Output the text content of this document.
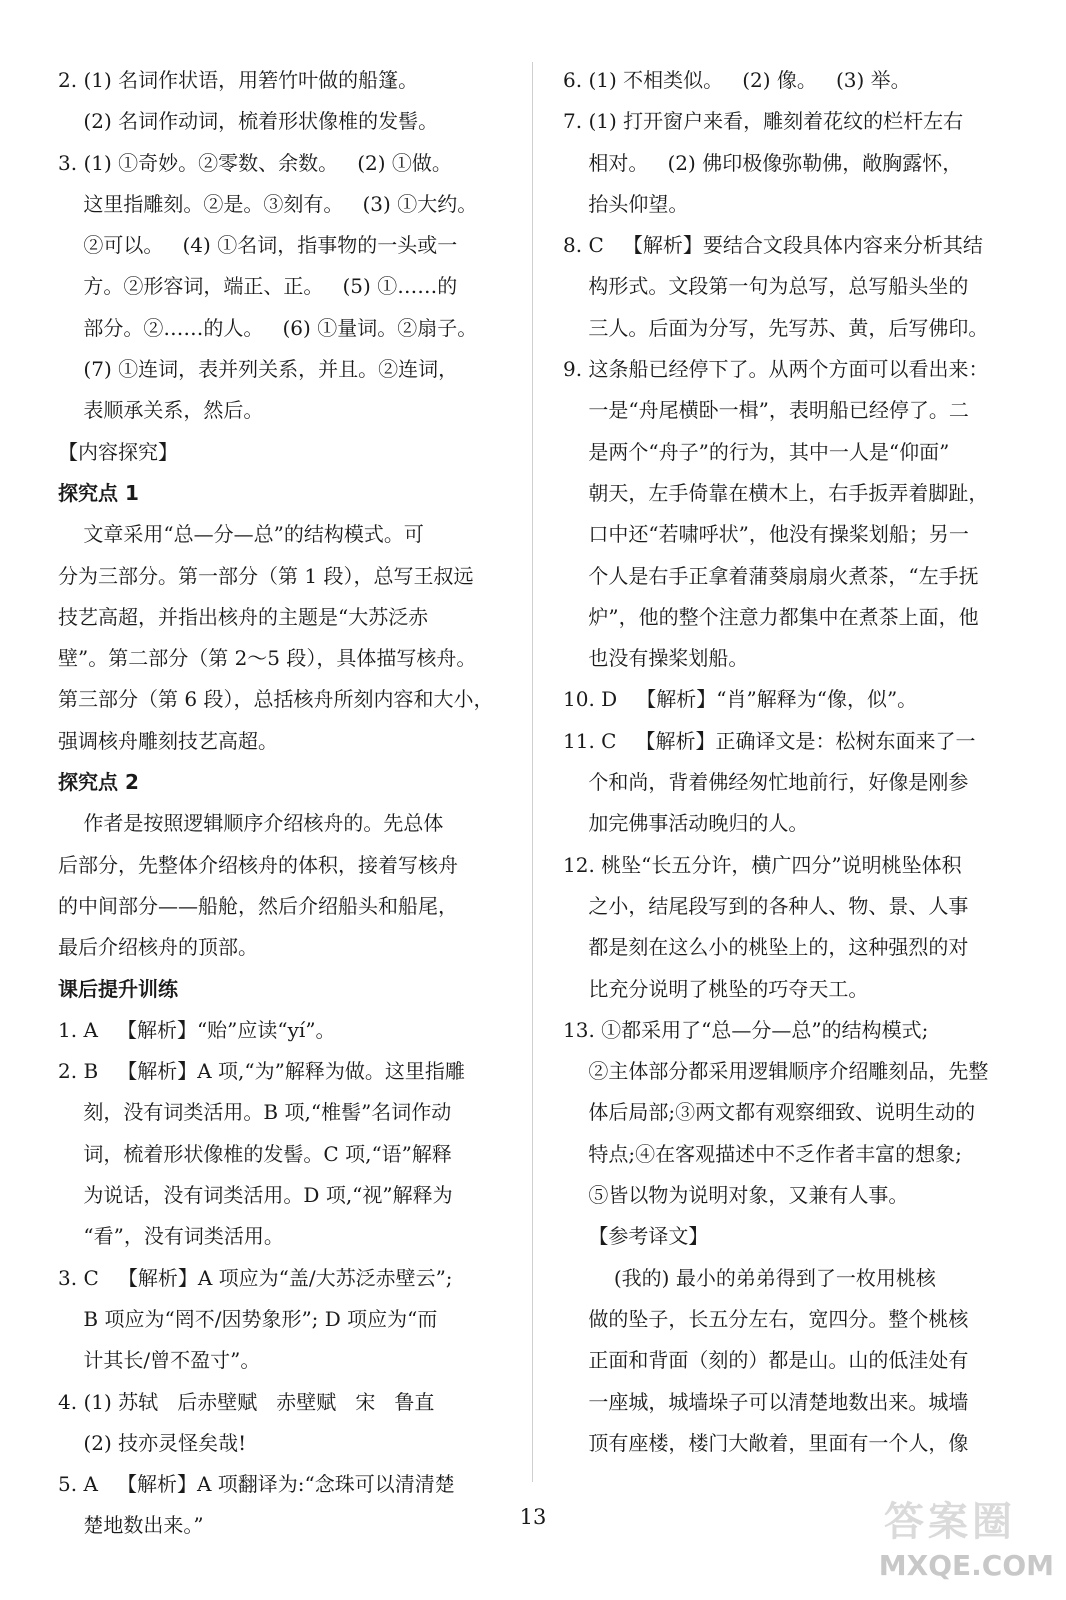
2. (1) 名词作状语，用箬竹叶做的船篷。
(2) 名词作动词，梳着形状像椎的发髻。
3. (1) ①奇妙。②零数、余数。   (2) ①做。
这里指雕刻。②是。③刻有。   (3) ①大约。
②可以。   (4) ①名词，指事物的一头或一
方。②形容词，端正、正。   (5) ①……的
部分。②……的人。   (6) ①量词。②扇子。
(7) ①连词，表并列关系，并且。②连词，
表顺承关系，然后。
【内容探究】
探究点 1
文章采用“总—分—总”的结构模式。可
分为三部分。第一部分（第 1 段），总写王叔远
技艺高超，并指出核舟的主题是“大苏泛赤
壁”。第二部分（第 2～5 段），具体描写核舟。
第三部分（第 6 段），总括核舟所刻内容和大小，
强调核舟雕刻技艺高超。
探究点 2
作者是按照逻辑顺序介绍核舟的。先总体
后部分，先整体介绍核舟的体积，接着写核舟
的中间部分——船舱，然后介绍船头和船尾，
最后介绍核舟的顶部。
课后提升训练
1. A   【解析】“贻”应读“yí”。
2. B   【解析】A 项,“为”解释为做。这里指雕
刻，没有词类活用。B 项,“椎髻”名词作动
词，梳着形状像椎的发髻。C 项,“语”解释
为说话，没有词类活用。D 项,“视”解释为
“看”，没有词类活用。
3. C   【解析】A 项应为“盖/大苏泛赤壁云”;
B 项应为“罔不/因势象形”; D 项应为“而
计其长/曾不盈寸”。
4. (1) 苏轼   后赤壁赋   赤壁赋   宋   鲁直
(2) 技亦灵怪矣哉!
5. A   【解析】A 项翻译为:“念珠可以清清楚
楚地数出来。”
6. (1) 不相类似。   (2) 像。   (3) 举。
7. (1) 打开窗户来看，雕刻着花纹的栏杆左右
相对。   (2) 佛印极像弥勒佛，敞胸露怀，
抬头仰望。
8. C   【解析】要结合文段具体内容来分析其结
构形式。文段第一句为总写，总写船头坐的
三人。后面为分写，先写苏、黄，后写佛印。
9. 这条船已经停下了。从两个方面可以看出来：
一是“舟尾横卧一楫”，表明船已经停了。二
是两个“舟子”的行为，其中一人是“仰面”
朝天，左手倚靠在横木上，右手扳弄着脚趾，
口中还“若啸呼状”，他没有操桨划船；另一
个人是右手正拿着蒲葵扇扇火煮茶，“左手抚
炉”，他的整个注意力都集中在煮茶上面，他
也没有操桨划船。
10. D   【解析】“肖”解释为“像，似”。
11. C   【解析】正确译文是：松树东面来了一
个和尚，背着佛经匆忙地前行，好像是刚参
加完佛事活动晚归的人。
12. 桃坠“长五分许，横广四分”说明桃坠体积
之小，结尾段写到的各种人、物、景、人事
都是刻在这么小的桃坠上的，这种强烈的对
比充分说明了桃坠的巧夺天工。
13. ①都采用了“总—分—总”的结构模式;
②主体部分都采用逻辑顺序介绍雕刻品，先整
体后局部;③两文都有观察细致、说明生动的
特点;④在客观描述中不乏作者丰富的想象;
⑤皆以物为说明对象，又兼有人事。
【参考译文】
(我的) 最小的弟弟得到了一枚用桃核
做的坠子，长五分左右，宽四分。整个桃核
正面和背面（刻的）都是山。山的低洼处有
一座城，城墙垛子可以清楚地数出来。城墙
顶有座楼，楼门大敞着，里面有一个人，像
13	答案圈
MXQE.COM
